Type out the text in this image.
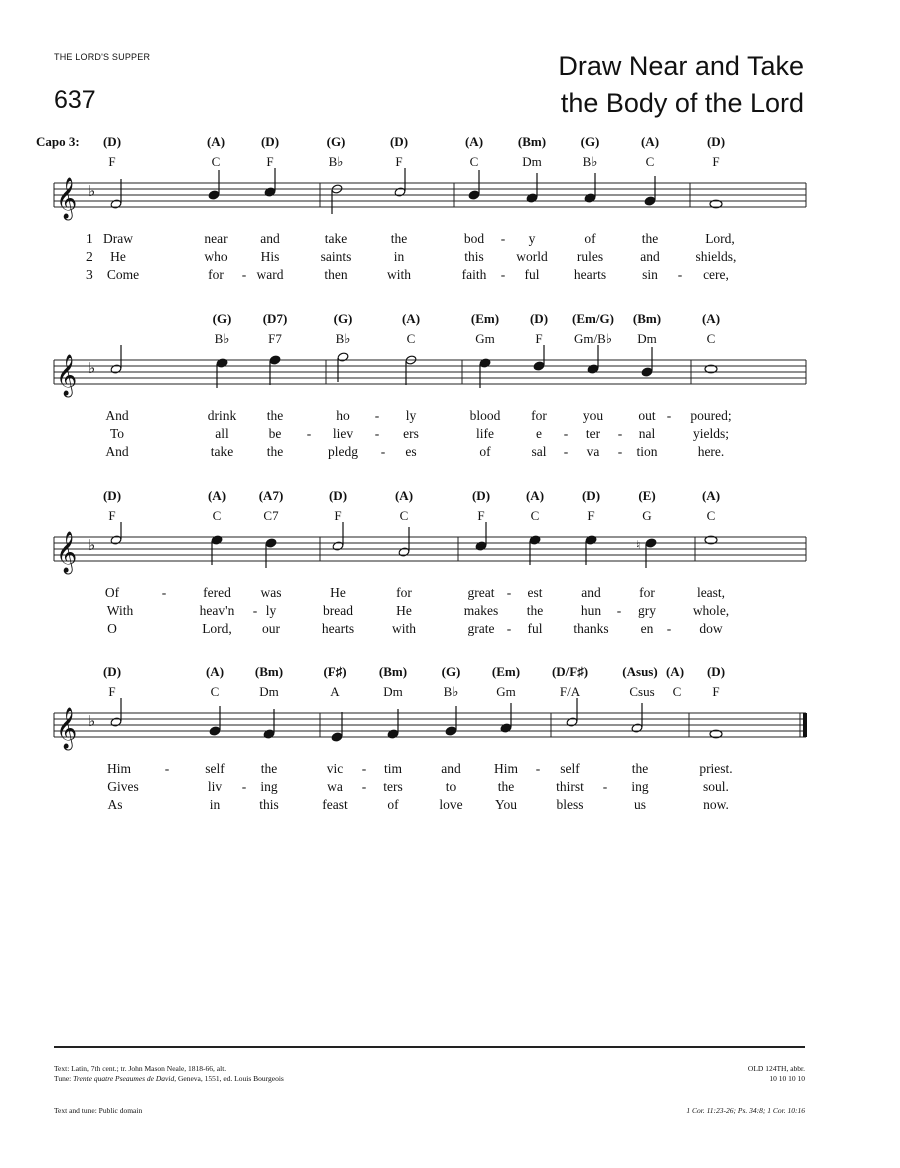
THE LORD'S SUPPER
637
Draw Near and Take
the Body of the Lord
Capo 3: (D)	(A)	(D)	(G)	(D)	(A)	(Bm)	(G)	(A)	(D)
F	C	F	B♭	F	C	Dm	B♭	C	F
𝄞 ♭
1
2
3
Draw	near and	take	the	bod - y	of	the	Lord,
He	who His	saints	in	this world rules	and	shields,
Come	for - ward	then	with	faith - ful	hearts	sin - cere,
(G) (D7)	(G)	(A)	(Em) (D) (Em/G) (Bm)	(A)
B♭	F7	B♭	C	Gm	F Gm/B♭ Dm	C
𝄞 ♭
And	drink the	ho - ly	blood for	you	out - poured;
To	all	be - liev - ers	life	e - ter - nal	yields;
And	take the	pledg - es	of	sal - va - tion	here.
(D)	(A)	(A7)	(D)	(A)	(D)	(A)	(D)	(E)	(A)
F	C	C7	F	C	F	C	F	G	C
𝄞 ♭	♮
Of	-	fered was	He	for	great - est	and	for	least,
With	heav'n - ly	bread	He	makes the	hun - gry	whole,
O	Lord, our	hearts	with	grate - ful thanks en - dow
(D)	(A) (Bm)	(F♯) (Bm)	(G) (Em) (D/F♯)	(Asus) (A) (D)
F	C	Dm	A	Dm	B♭	Gm	F/A	Csus C F
𝄞 ♭
Him -	self	the	vic - tim	and Him - self	the	priest.
Gives	liv - ing	wa - ters	to	the	thirst - ing	soul.
As	in	this	feast	of	love You	bless	us	now.
Text: Latin, 7th cent.; tr. John Mason Neale, 1818-66, alt.
Tune: Trente quatre Pseaumes de David, Geneva, 1551, ed. Louis Bourgeois
OLD 124TH, abbr.
10 10 10 10
Text and tune: Public domain	1 Cor. 11:23-26; Ps. 34:8; 1 Cor. 10:16
